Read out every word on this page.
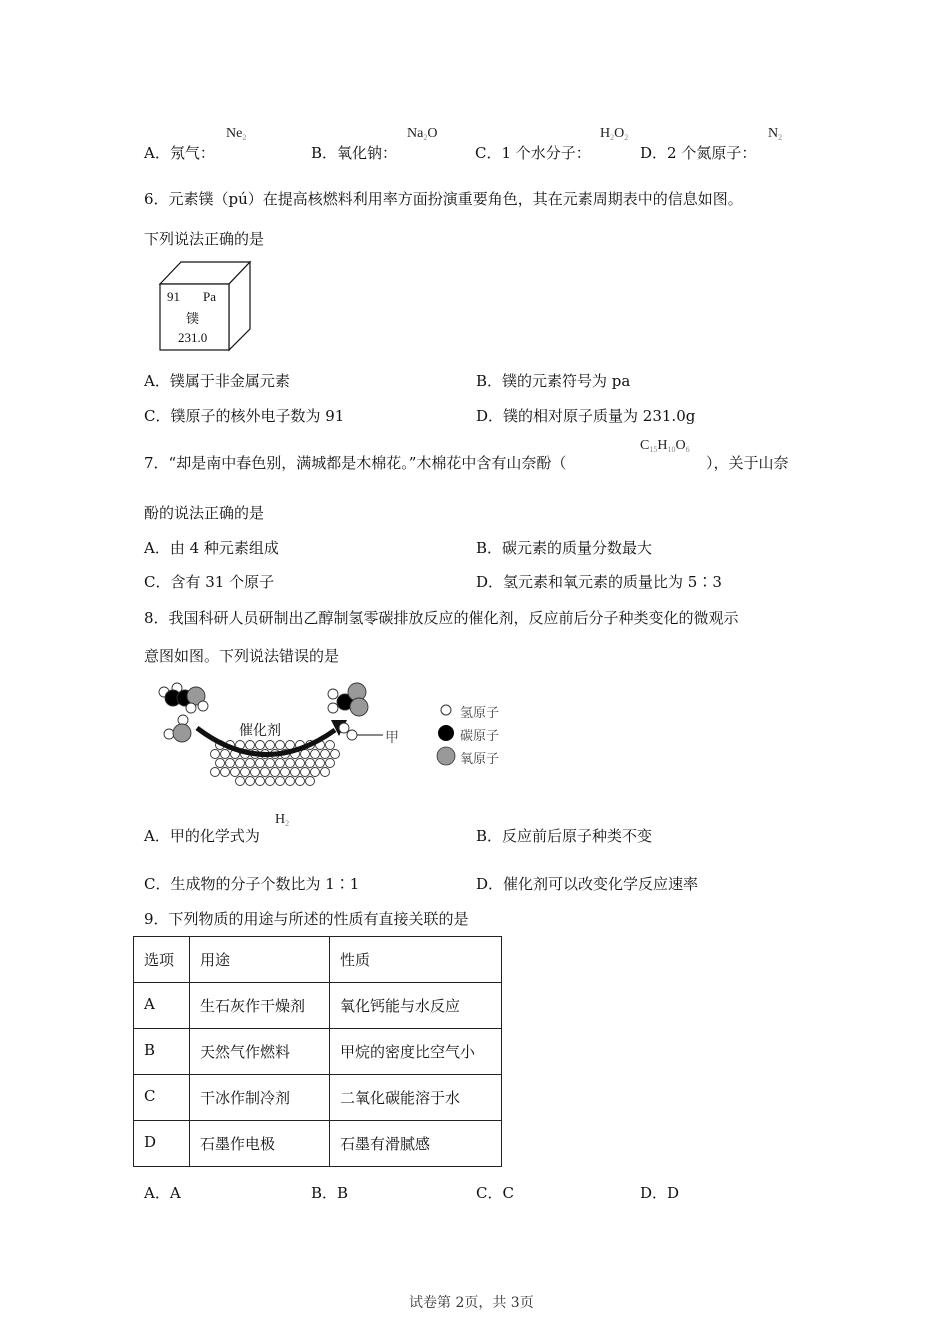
A．氖气：
$Ne_2$
B．氧化钠：
$Na_2O$
C．1 个水分子：
$H_2O_2$
D．2 个氮原子：
$N_2$
6．元素镤（pú）在提高核燃料利用率方面扮演重要角色，其在元素周期表中的信息如图。
下列说法正确的是
91 Pa
镤
231.0
A．镤属于非金属元素	B．镤的元素符号为 pa
C．镤原子的核外电子数为 91	D．镤的相对原子质量为 231.0g
7．“却是南中春色别，满城都是木棉花。”木棉花中含有山奈酚（
$C_{15}H_{10}O_6$
），关于山奈
酚的说法正确的是
A．由 4 种元素组成	B．碳元素的质量分数最大
C．含有 31 个原子	D．氢元素和氧元素的质量比为 5∶3
8．我国科研人员研制出乙醇制氢零碳排放反应的催化剂，反应前后分子种类变化的微观示
意图如图。下列说法错误的是
催化剂	甲
氢原子
碳原子
氧原子
A．甲的化学式为
$H_2$
B．反应前后原子种类不变
C．生成物的分子个数比为 1∶1	D．催化剂可以改变化学反应速率
9．下列物质的用途与所述的性质有直接关联的是
选项	用途	性质
A	生石灰作干燥剂	氧化钙能与水反应
B	天然气作燃料	甲烷的密度比空气小
C	干冰作制冷剂	二氧化碳能溶于水
D	石墨作电极	石墨有滑腻感
A．A	B．B	C．C	D．D
试卷第 2页，共 3页
